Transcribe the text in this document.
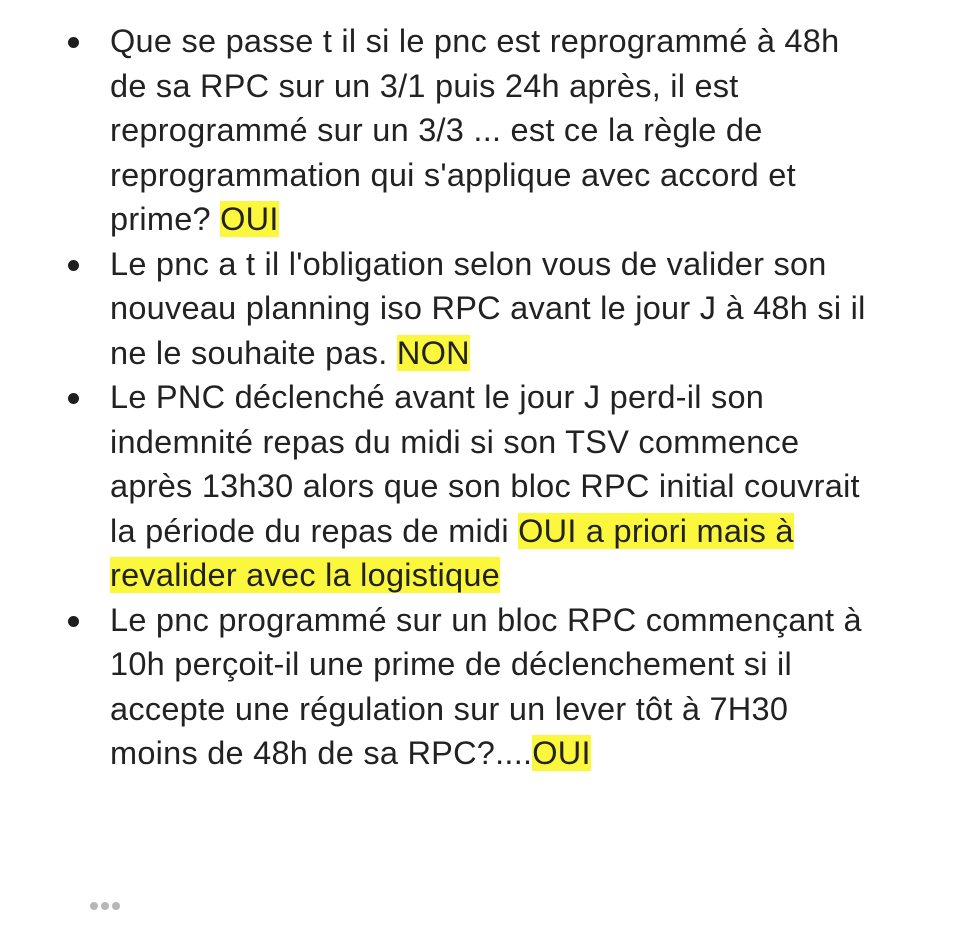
Que se passe t il si le pnc est reprogrammé à 48h de sa RPC sur un 3/1 puis 24h après, il est reprogrammé sur un 3/3 ... est ce la règle de reprogrammation qui s'applique avec accord et prime? OUI
Le pnc a t il l'obligation selon vous de valider son nouveau planning iso RPC avant le jour J à 48h si il ne le souhaite pas. NON
Le PNC déclenché avant le jour J perd-il son indemnité repas du midi si son TSV commence après 13h30 alors que son bloc RPC initial couvrait la période du repas de midi OUI a priori mais à revalider avec la logistique
Le pnc programmé sur un bloc RPC commençant à 10h perçoit-il une prime de déclenchement si il accepte une régulation sur un lever tôt à 7H30 moins de 48h de sa RPC?....OUI
